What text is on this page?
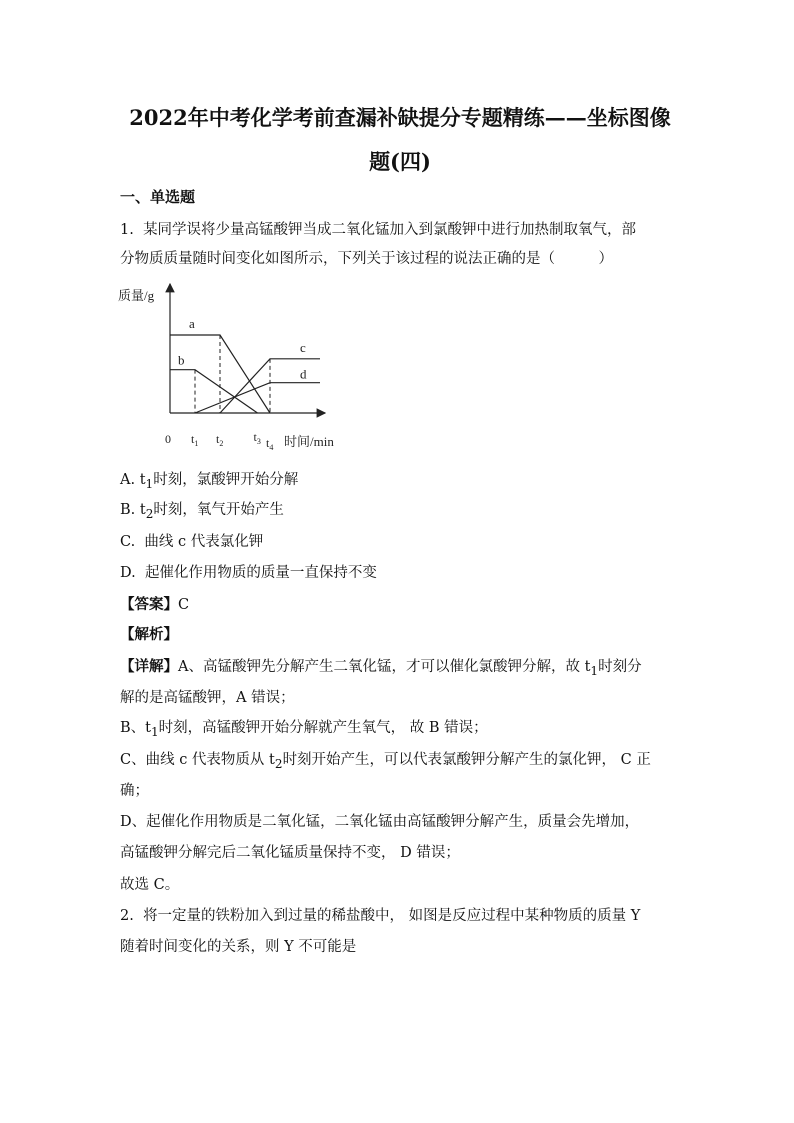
2022年中考化学考前查漏补缺提分专题精练——坐标图像
题(四)
一、单选题
1. 某同学误将少量高锰酸钾当成二氧化锰加入到氯酸钾中进行加热制取氧气，部
分物质质量随时间变化如图所示，下列关于该过程的说法正确的是（　　　）
质量/g
0 $t_1$ $t_2$	$t_3$ $t_4$ 时间/min
a
b
c
d
A. $t_1$时刻，氯酸钾开始分解
B. $t_2$时刻，氧气开始产生
C. 曲线 c 代表氯化钾
D. 起催化作用物质的质量一直保持不变
【答案】C
【解析】
【详解】A、高锰酸钾先分解产生二氧化锰，才可以催化氯酸钾分解，故 $t_1$时刻分
解的是高锰酸钾，A 错误；
B、$t_1$时刻，高锰酸钾开始分解就产生氧气， 故 B 错误；
C、曲线 c 代表物质从 $t_2$时刻开始产生，可以代表氯酸钾分解产生的氯化钾， C 正
确；
D、起催化作用物质是二氧化锰，二氧化锰由高锰酸钾分解产生，质量会先增加，
高锰酸钾分解完后二氧化锰质量保持不变， D 错误；
故选 C。
2. 将一定量的铁粉加入到过量的稀盐酸中， 如图是反应过程中某种物质的质量 Y
随着时间变化的关系，则 Y 不可能是
